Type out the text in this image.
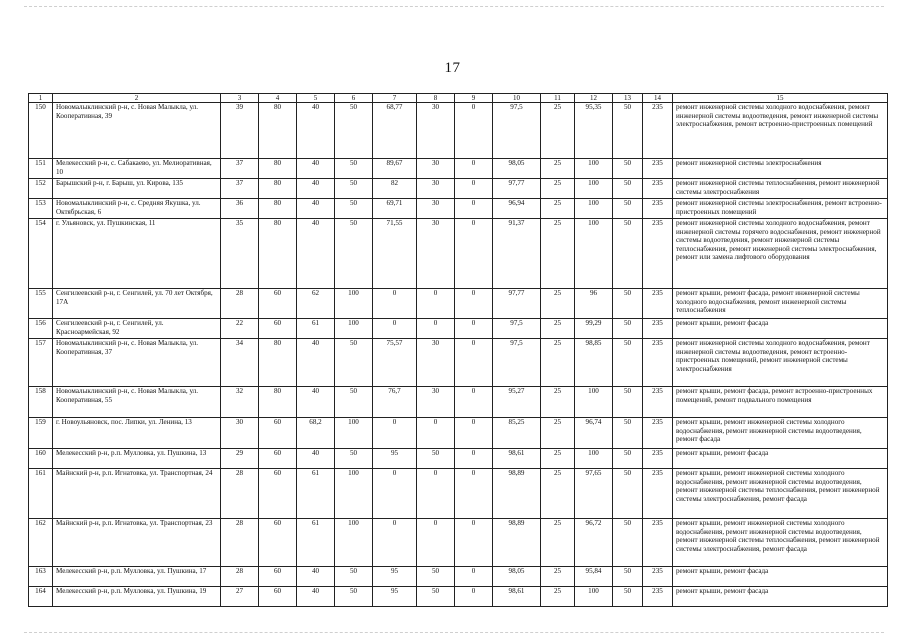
17
1	2	3	4	5	6	7	8	9	10	11	12	13	14	15
150	Новомалыклинский р-н, с. Новая Малыкла, ул. Кооперативная, 39	39	80	40	50	68,77	30	0	97,5	25	95,35	50	235	ремонт инженерной системы холодного водоснабжения, ремонт инженерной системы водоотведения, ремонт инженерной системы электроснабжения, ремонт встроенно-пристроенных помещений
151	Мелекесский р-н, с. Сабакаево, ул. Мелиоративная, 10	37	80	40	50	89,67	30	0	98,05	25	100	50	235	ремонт инженерной системы электроснабжения
152	Барышский р-н, г. Барыш, ул. Кирова, 135	37	80	40	50	82	30	0	97,77	25	100	50	235	ремонт инженерной системы теплоснабжения, ремонт инженерной системы электроснабжения
153	Новомалыклинский р-н, с. Средняя Якушка, ул. Октябрьская, 6	36	80	40	50	69,71	30	0	96,94	25	100	50	235	ремонт инженерной системы электроснабжения, ремонт встроенно-пристроенных помещений
154	г. Ульяновск, ул. Пушкинская, 11	35	80	40	50	71,55	30	0	91,37	25	100	50	235	ремонт инженерной системы холодного водоснабжения, ремонт инженерной системы горячего водоснабжения, ремонт инженерной системы водоотведения, ремонт инженерной системы теплоснабжения, ремонт инженерной системы электроснабжения, ремонт или замена лифтового оборудования
155	Сенгилеевский р-н, г. Сенгилей, ул. 70 лет Октября, 17А	28	60	62	100	0	0	0	97,77	25	96	50	235	ремонт крыши, ремонт фасада, ремонт инженерной системы холодного водоснабжения, ремонт инженерной системы теплоснабжения
156	Сенгилеевский р-н, г. Сенгилей, ул. Красноармейская, 92	22	60	61	100	0	0	0	97,5	25	99,29	50	235	ремонт крыши, ремонт фасада
157	Новомалыклинский р-н, с. Новая Малыкла, ул. Кооперативная, 37	34	80	40	50	75,57	30	0	97,5	25	98,85	50	235	ремонт инженерной системы холодного водоснабжения, ремонт инженерной системы водоотведения, ремонт встроенно-пристроенных помещений, ремонт инженерной системы электроснабжения
158	Новомалыклинский р-н, с. Новая Малыкла, ул. Кооперативная, 55	32	80	40	50	76,7	30	0	95,27	25	100	50	235	ремонт крыши, ремонт фасада, ремонт встроенно-пристроенных помещений, ремонт подвального помещения
159	г. Новоульяновск, пос. Липки, ул. Ленина, 13	30	60	68,2	100	0	0	0	85,25	25	96,74	50	235	ремонт крыши, ремонт инженерной системы холодного водоснабжения, ремонт инженерной системы водоотведения, ремонт фасада
160	Мелекесский р-н, р.п. Мулловка, ул. Пушкина, 13	29	60	40	50	95	50	0	98,61	25	100	50	235	ремонт крыши, ремонт фасада
161	Майнский р-н, р.п. Игнатовка, ул. Транспортная, 24	28	60	61	100	0	0	0	98,89	25	97,65	50	235	ремонт крыши, ремонт инженерной системы холодного водоснабжения, ремонт инженерной системы водоотведения, ремонт инженерной системы теплоснабжения, ремонт инженерной системы электроснабжения, ремонт фасада
162	Майнский р-н, р.п. Игнатовка, ул. Транспортная, 23	28	60	61	100	0	0	0	98,89	25	96,72	50	235	ремонт крыши, ремонт инженерной системы холодного водоснабжения, ремонт инженерной системы водоотведения, ремонт инженерной системы теплоснабжения, ремонт инженерной системы электроснабжения, ремонт фасада
163	Мелекесский р-н, р.п. Мулловка, ул. Пушкина, 17	28	60	40	50	95	50	0	98,05	25	95,84	50	235	ремонт крыши, ремонт фасада
164	Мелекесский р-н, р.п. Мулловка, ул. Пушкина, 19	27	60	40	50	95	50	0	98,61	25	100	50	235	ремонт крыши, ремонт фасада
